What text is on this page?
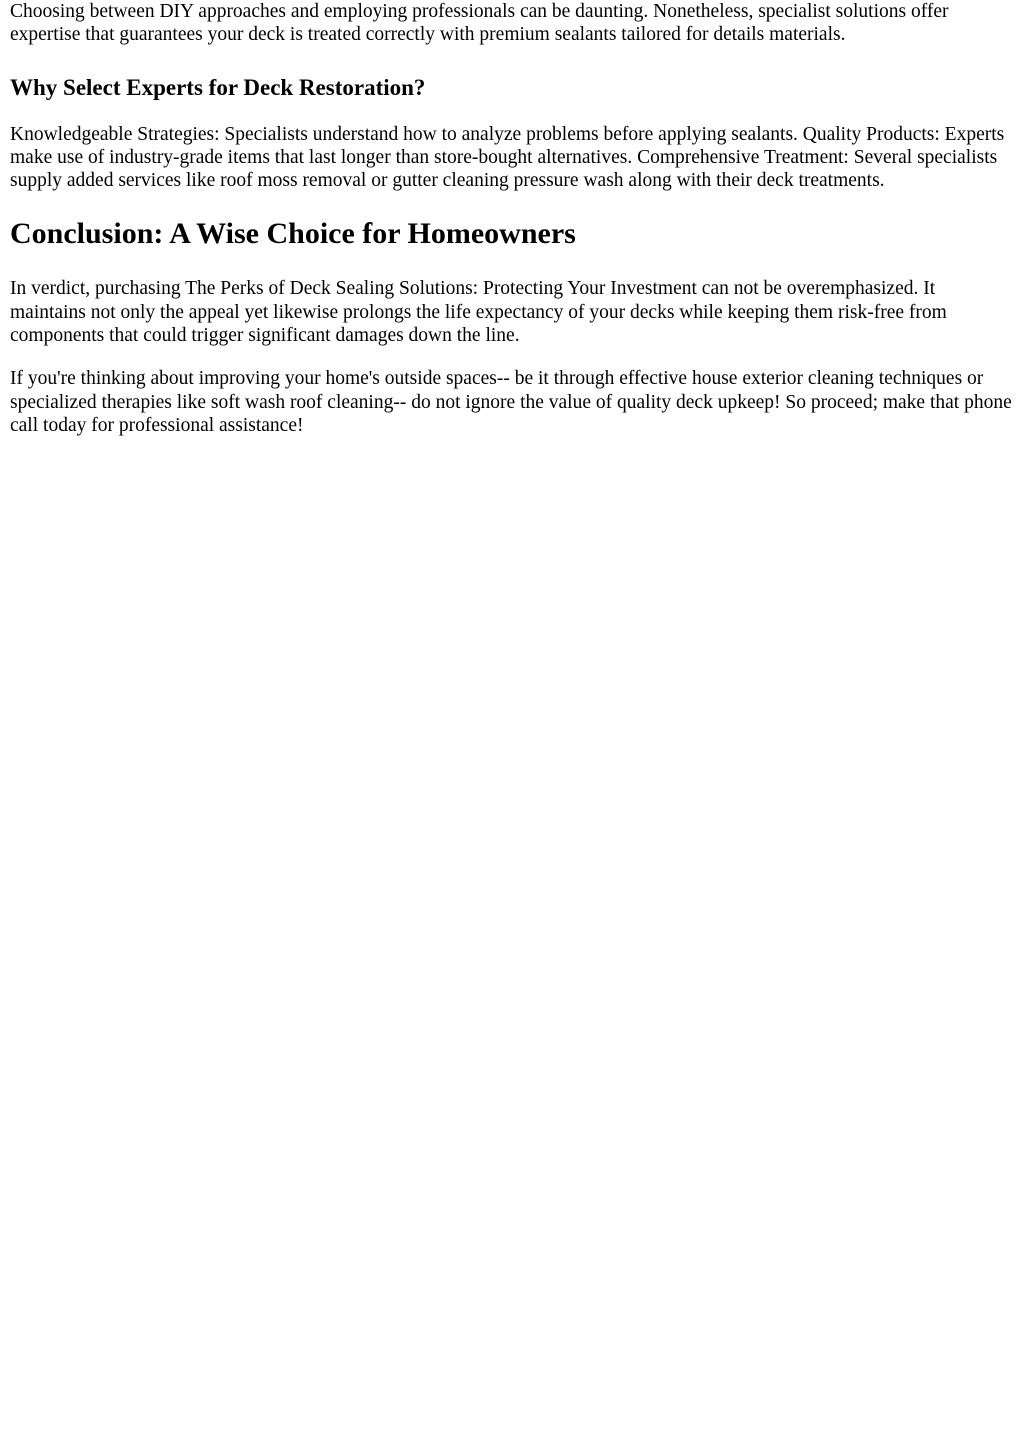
Choosing between DIY approaches and employing professionals can be daunting. Nonetheless, specialist solutions offer expertise that guarantees your deck is treated correctly with premium sealants tailored for details materials.

Why Select Experts for Deck Restoration?

Knowledgeable Strategies: Specialists understand how to analyze problems before applying sealants. Quality Products: Experts make use of industry-grade items that last longer than store-bought alternatives. Comprehensive Treatment: Several specialists supply added services like roof moss removal or gutter cleaning pressure wash along with their deck treatments.

Conclusion: A Wise Choice for Homeowners

In verdict, purchasing The Perks of Deck Sealing Solutions: Protecting Your Investment can not be overemphasized. It maintains not only the appeal yet likewise prolongs the life expectancy of your decks while keeping them risk-free from components that could trigger significant damages down the line.

If you're thinking about improving your home's outside spaces-- be it through effective house exterior cleaning techniques or specialized therapies like soft wash roof cleaning-- do not ignore the value of quality deck upkeep! So proceed; make that phone call today for professional assistance!
